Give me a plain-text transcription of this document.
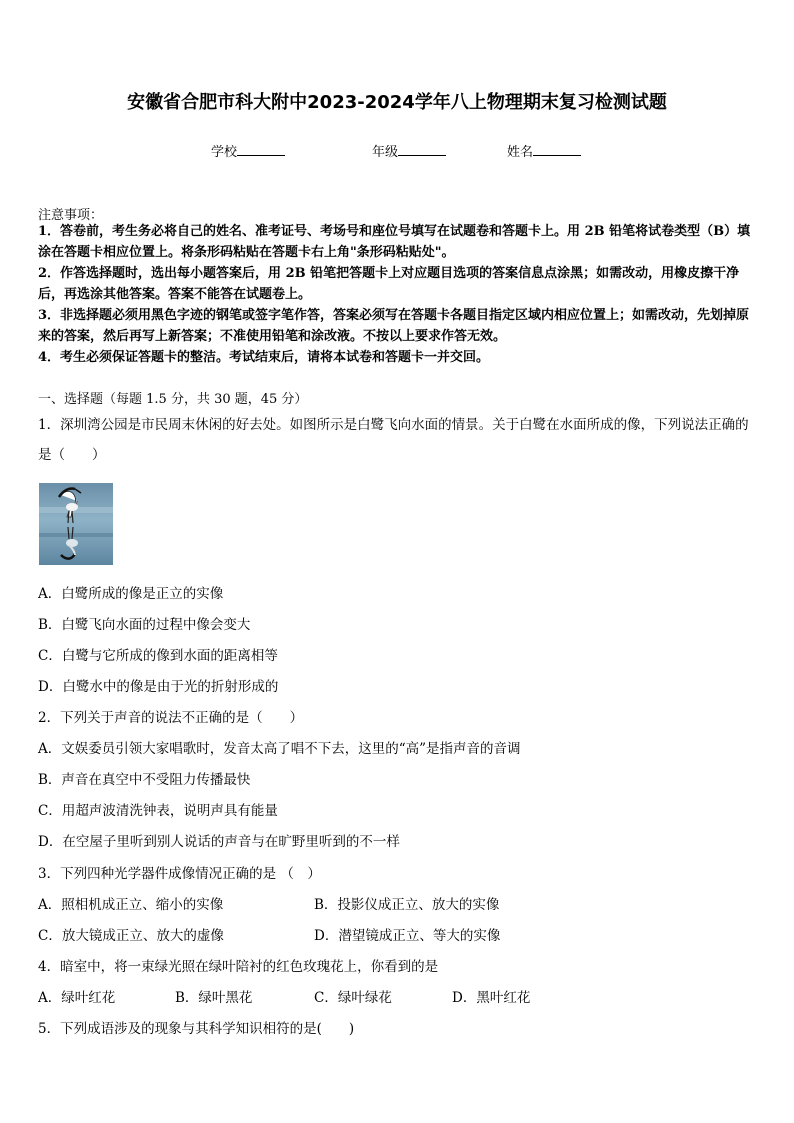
安徽省合肥市科大附中2023-2024学年八上物理期末复习检测试题
学校	年级	姓名
注意事项：
1．答卷前，考生务必将自己的姓名、准考证号、考场号和座位号填写在试题卷和答题卡上。用 2B 铅笔将试卷类型（B）填涂在答题卡相应位置上。将条形码粘贴在答题卡右上角"条形码粘贴处"。
2．作答选择题时，选出每小题答案后，用 2B 铅笔把答题卡上对应题目选项的答案信息点涂黑；如需改动，用橡皮擦干净后，再选涂其他答案。答案不能答在试题卷上。
3．非选择题必须用黑色字迹的钢笔或签字笔作答，答案必须写在答题卡各题目指定区域内相应位置上；如需改动，先划掉原来的答案，然后再写上新答案；不准使用铅笔和涂改液。不按以上要求作答无效。
4．考生必须保证答题卡的整洁。考试结束后，请将本试卷和答题卡一并交回。
一、选择题（每题 1.5 分，共 30 题，45 分）
1．深圳湾公园是市民周末休闲的好去处。如图所示是白鹭飞向水面的情景。关于白鹭在水面所成的像，下列说法正确的是（　　）
A．白鹭所成的像是正立的实像
B．白鹭飞向水面的过程中像会变大
C．白鹭与它所成的像到水面的距离相等
D．白鹭水中的像是由于光的折射形成的
2．下列关于声音的说法不正确的是（　　）
A．文娱委员引领大家唱歌时，发音太高了唱不下去，这里的“高”是指声音的音调
B．声音在真空中不受阻力传播最快
C．用超声波清洗钟表，说明声具有能量
D．在空屋子里听到别人说话的声音与在旷野里听到的不一样
3．下列四种光学器件成像情况正确的是 （　）
A．照相机成正立、缩小的实像	B．投影仪成正立、放大的实像
C．放大镜成正立、放大的虚像	D．潜望镜成正立、等大的实像
4．暗室中，将一束绿光照在绿叶陪衬的红色玫瑰花上，你看到的是
A．绿叶红花	B．绿叶黑花	C．绿叶绿花	D．黑叶红花
5．下列成语涉及的现象与其科学知识相符的是(　　)
